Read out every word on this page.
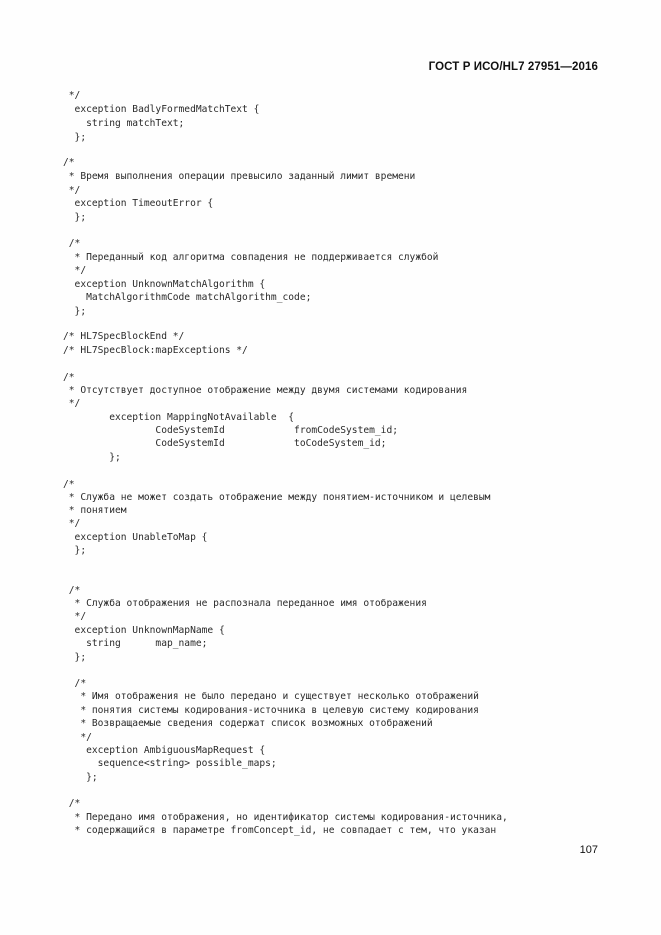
ГОСТ Р ИСО/HL7 27951—2016
*/
exception BadlyFormedMatchText {
string matchText;
};
/*
* Время выполнения операции превысило заданный лимит времени
*/
exception TimeoutError {
};
/*
* Переданный код алгоритма совпадения не поддерживается службой
*/
exception UnknownMatchAlgorithm {
MatchAlgorithmCode matchAlgorithm_code;
};
/* HL7SpecBlockEnd */
/* HL7SpecBlock:mapExceptions */
/*
* Отсутствует доступное отображение между двумя системами кодирования
*/
exception MappingNotAvailable  {
CodeSystemId            fromCodeSystem_id;
CodeSystemId            toCodeSystem_id;
};
/*
* Служба не может создать отображение между понятием-источником и целевым
* понятием
*/
exception UnableToMap {
};
/*
* Служба отображения не распознала переданное имя отображения
*/
exception UnknownMapName {
string      map_name;
};
/*
* Имя отображения не было передано и существует несколько отображений
* понятия системы кодирования-источника в целевую систему кодирования
* Возвращаемые сведения содержат список возможных отображений
*/
exception AmbiguousMapRequest {
sequence<string> possible_maps;
};
/*
* Передано имя отображения, но идентификатор системы кодирования-источника,
* содержащийся в параметре fromConcept_id, не совпадает с тем, что указан
107
